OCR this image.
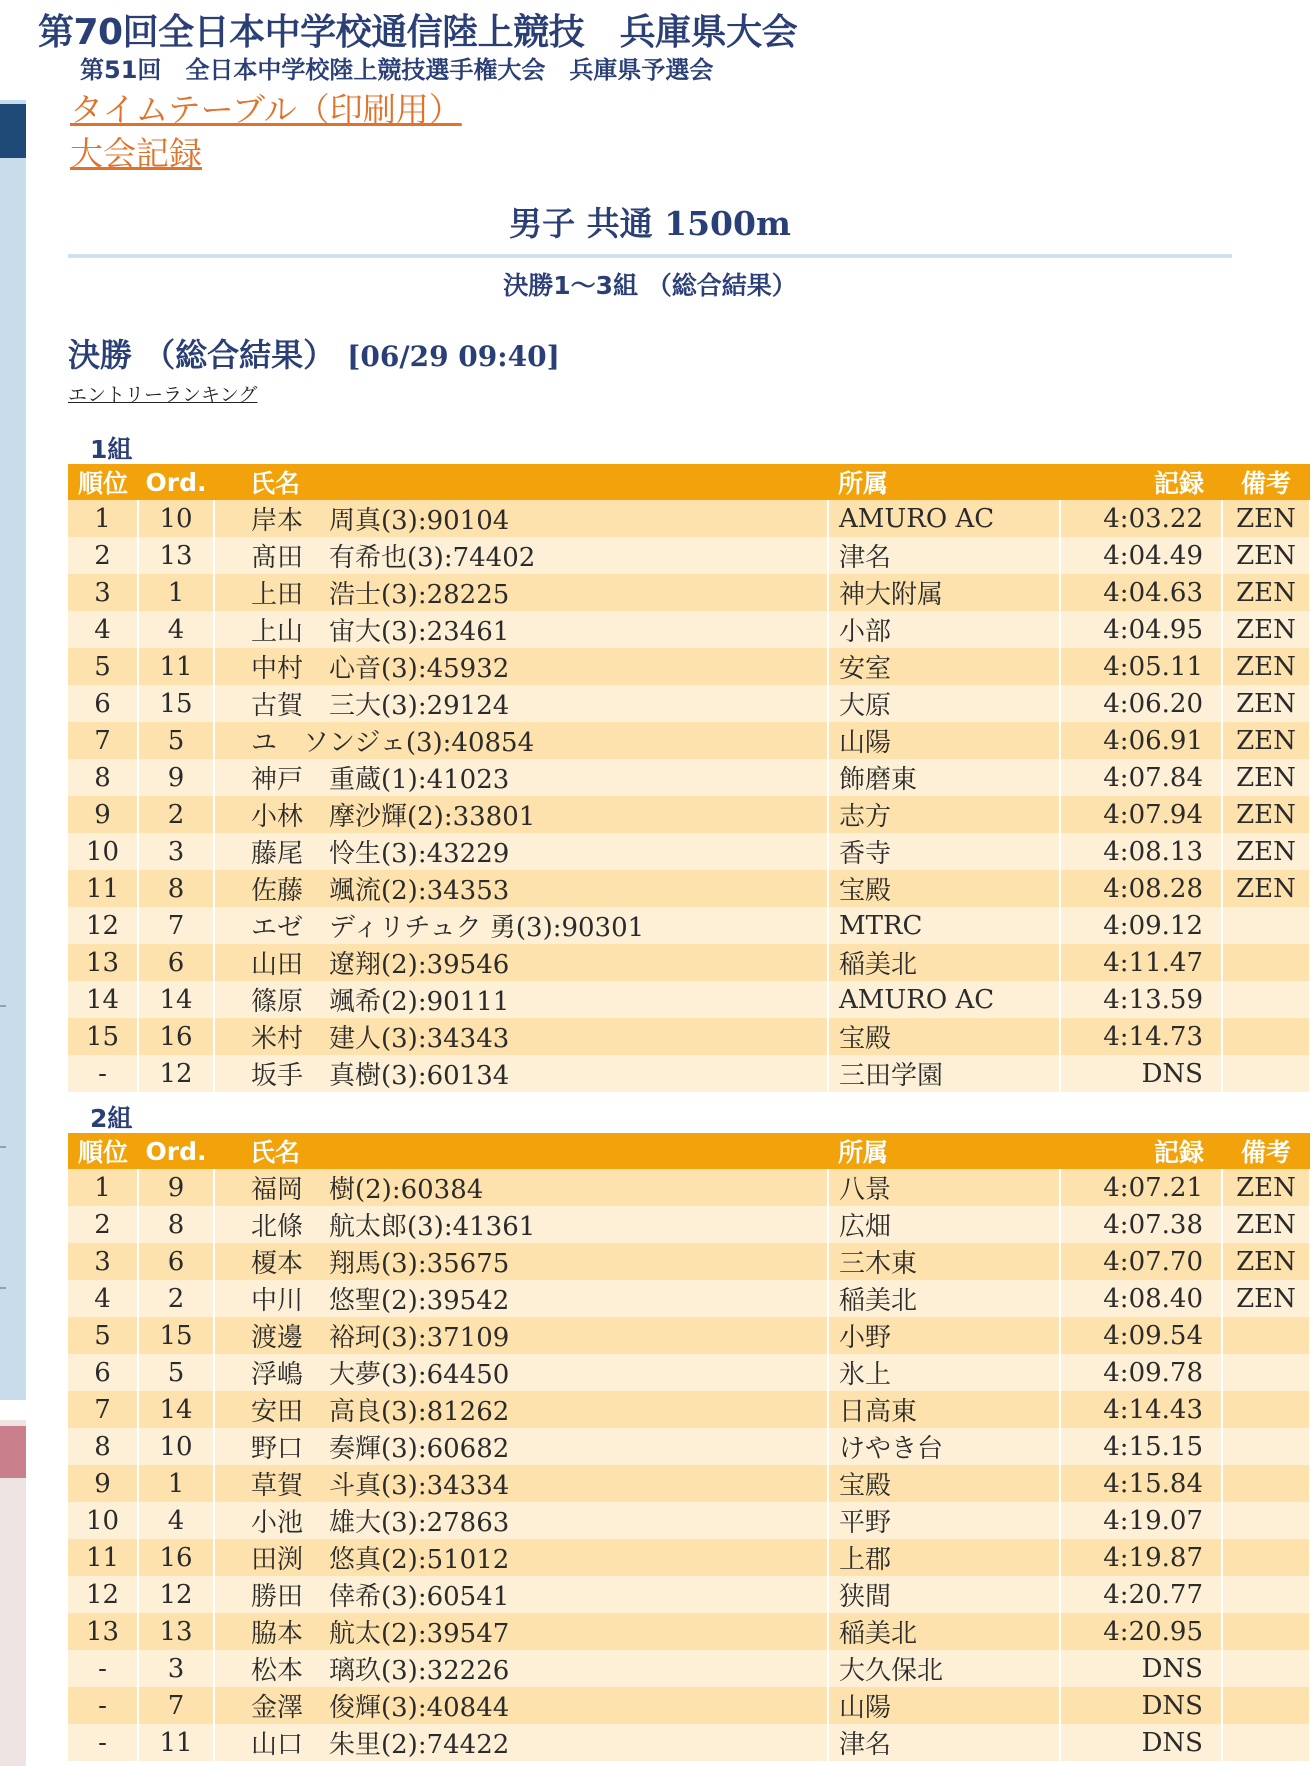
第70回全日本中学校通信陸上競技　兵庫県大会
第51回　全日本中学校陸上競技選手権大会　兵庫県予選会
タイムテーブル（印刷用）
大会記録
男子 共通 1500m
決勝1～3組 （総合結果）
決勝 （総合結果） [06/29 09:40]
エントリーランキング
1組
順位	Ord.	氏名	所属	記録	備考
1	10	岸本　周真(3):90104	AMURO AC	4:03.22	ZEN
2	13	髙田　有希也(3):74402	津名	4:04.49	ZEN
3	1	上田　浩士(3):28225	神大附属	4:04.63	ZEN
4	4	上山　宙大(3):23461	小部	4:04.95	ZEN
5	11	中村　心音(3):45932	安室	4:05.11	ZEN
6	15	古賀　三大(3):29124	大原	4:06.20	ZEN
7	5	ユ　ソンジェ(3):40854	山陽	4:06.91	ZEN
8	9	神戸　重蔵(1):41023	飾磨東	4:07.84	ZEN
9	2	小林　摩沙輝(2):33801	志方	4:07.94	ZEN
10	3	藤尾　怜生(3):43229	香寺	4:08.13	ZEN
11	8	佐藤　颯流(2):34353	宝殿	4:08.28	ZEN
12	7	エゼ　ディリチュク 勇(3):90301	MTRC	4:09.12	
13	6	山田　遼翔(2):39546	稲美北	4:11.47	
14	14	篠原　颯希(2):90111	AMURO AC	4:13.59	
15	16	米村　建人(3):34343	宝殿	4:14.73	
-	12	坂手　真樹(3):60134	三田学園	DNS	
2組
順位	Ord.	氏名	所属	記録	備考
1	9	福岡　樹(2):60384	八景	4:07.21	ZEN
2	8	北條　航太郎(3):41361	広畑	4:07.38	ZEN
3	6	榎本　翔馬(3):35675	三木東	4:07.70	ZEN
4	2	中川　悠聖(2):39542	稲美北	4:08.40	ZEN
5	15	渡邊　裕珂(3):37109	小野	4:09.54	
6	5	浮嶋　大夢(3):64450	氷上	4:09.78	
7	14	安田　高良(3):81262	日高東	4:14.43	
8	10	野口　奏輝(3):60682	けやき台	4:15.15	
9	1	草賀　斗真(3):34334	宝殿	4:15.84	
10	4	小池　雄大(3):27863	平野	4:19.07	
11	16	田渕　悠真(2):51012	上郡	4:19.87	
12	12	勝田　倖希(3):60541	狭間	4:20.77	
13	13	脇本　航太(2):39547	稲美北	4:20.95	
-	3	松本　璃玖(3):32226	大久保北	DNS	
-	7	金澤　俊輝(3):40844	山陽	DNS	
-	11	山口　朱里(2):74422	津名	DNS	
